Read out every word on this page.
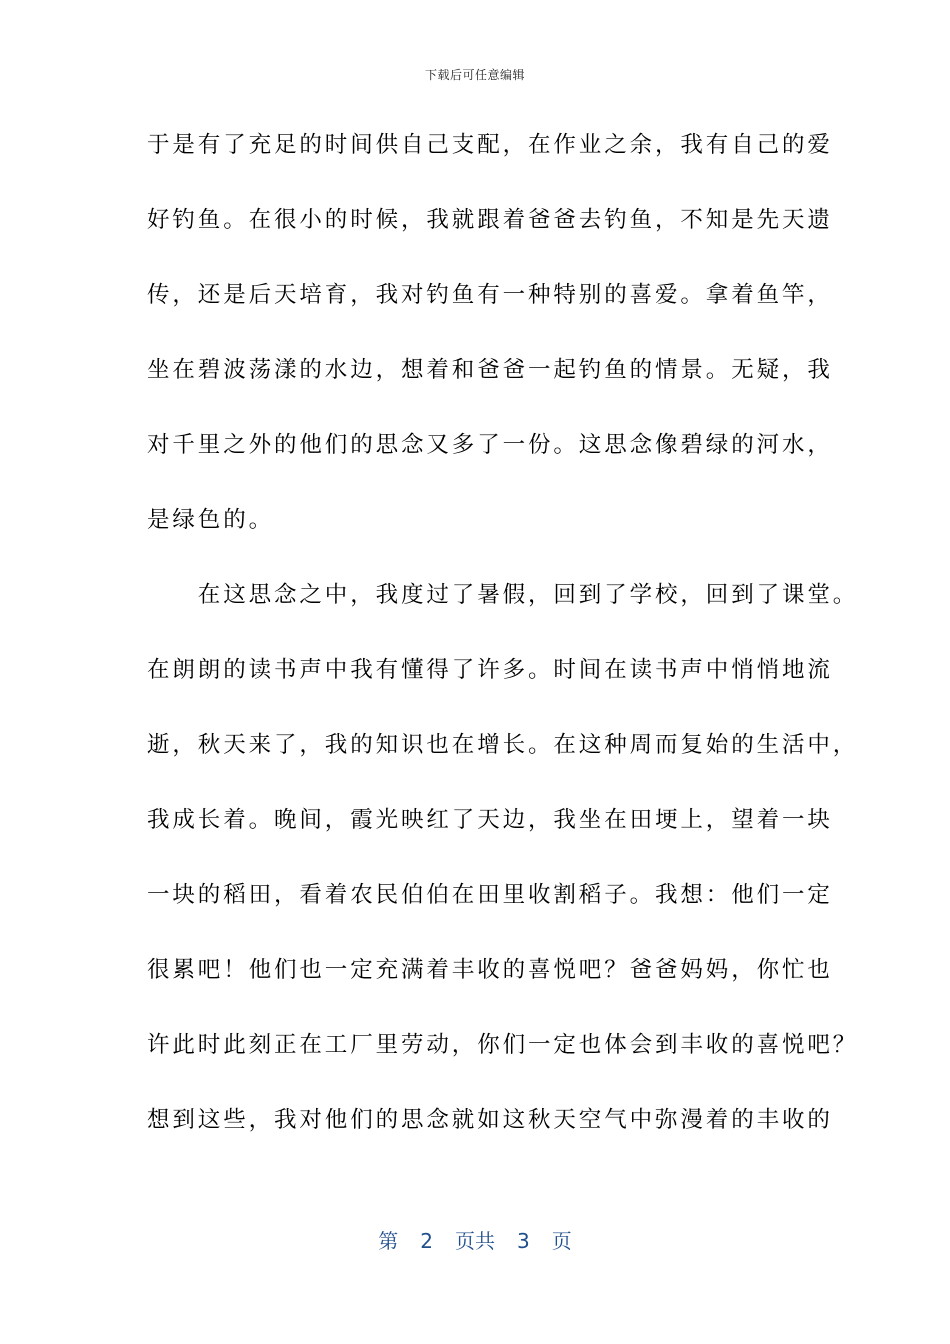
下载后可任意编辑
于是有了充足的时间供自己支配，在作业之余，我有自己的爱
好钓鱼。在很小的时候，我就跟着爸爸去钓鱼，不知是先天遗
传，还是后天培育，我对钓鱼有一种特别的喜爱。拿着鱼竿，
坐在碧波荡漾的水边，想着和爸爸一起钓鱼的情景。无疑，我
对千里之外的他们的思念又多了一份。这思念像碧绿的河水，
是绿色的。
　　在这思念之中，我度过了暑假，回到了学校，回到了课堂。
在朗朗的读书声中我有懂得了许多。时间在读书声中悄悄地流
逝，秋天来了，我的知识也在增长。在这种周而复始的生活中，
我成长着。晚间，霞光映红了天边，我坐在田埂上，望着一块
一块的稻田，看着农民伯伯在田里收割稻子。我想：他们一定
很累吧！他们也一定充满着丰收的喜悦吧？爸爸妈妈，你忙也
许此时此刻正在工厂里劳动，你们一定也体会到丰收的喜悦吧？
想到这些，我对他们的思念就如这秋天空气中弥漫着的丰收的
第 2 页共 3 页
